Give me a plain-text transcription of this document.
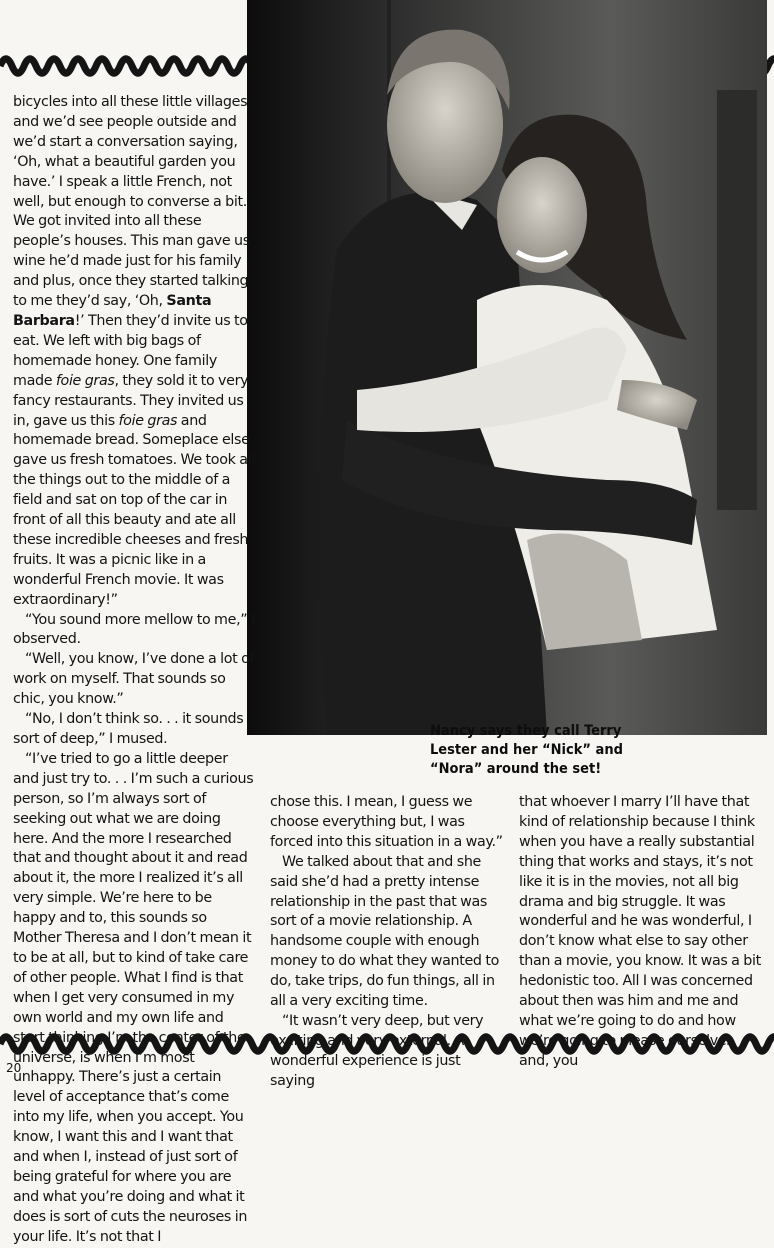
Nancy says they call Terry Lester and her “Nick” and “Nora” around the set!

bicycles into all these little villages and we’d see people outside and we’d start a conversation saying, ‘Oh, what a beautiful garden you have.’ I speak a little French, not well, but enough to converse a bit. We got invited into all these people’s houses. This man gave us wine he’d made just for his family and plus, once they started talking to me they’d say, ‘Oh, Santa Barbara!’ Then they’d invite us to eat. We left with big bags of homemade honey. One family made foie gras, they sold it to very fancy restaurants. They invited us in, gave us this foie gras and homemade bread. Someplace else gave us fresh tomatoes. We took all the things out to the middle of a field and sat on top of the car in front of all this beauty and ate all these incredible cheeses and fresh fruits. It was a picnic like in a wonderful French movie. It was extraordinary!”

“You sound more mellow to me,” I observed.

“Well, you know, I’ve done a lot of work on myself. That sounds so chic, you know.”

“No, I don’t think so. . . it sounds sort of deep,” I mused.

“I’ve tried to go a little deeper and just try to. . . I’m such a curious person, so I’m always sort of seeking out what we are doing here. And the more I researched that and thought about it and read about it, the more I realized it’s all very simple. We’re here to be happy and to, this sounds so Mother Theresa and I don’t mean it to be at all, but to kind of take care of other people. What I find is that when I get very consumed in my own world and my own life and start thinking I’m the center of the universe, is when I’m most unhappy. There’s just a certain level of acceptance that’s come into my life, when you accept. You know, I want this and I want that and when I, instead of just sort of being grateful for where you are and what you’re doing and what it does is sort of cuts the neuroses in your life. It’s not that I

chose this. I mean, I guess we choose everything but, I was forced into this situation in a way.”

We talked about that and she said she’d had a pretty intense relationship in the past that was sort of a movie relationship. A handsome couple with enough money to do what they wanted to do, take trips, do fun things, all in all a very exciting time.

“It wasn’t very deep, but very exciting and very external. A wonderful experience is just saying

that whoever I marry I’ll have that kind of relationship because I think when you have a really substantial thing that works and stays, it’s not like it is in the movies, not all big drama and big struggle. It was wonderful and he was wonderful, I don’t know what else to say other than a movie, you know. It was a bit hedonistic too. All I was concerned about then was him and me and what we’re going to do and how we’re going to please ourselves and, you

20
